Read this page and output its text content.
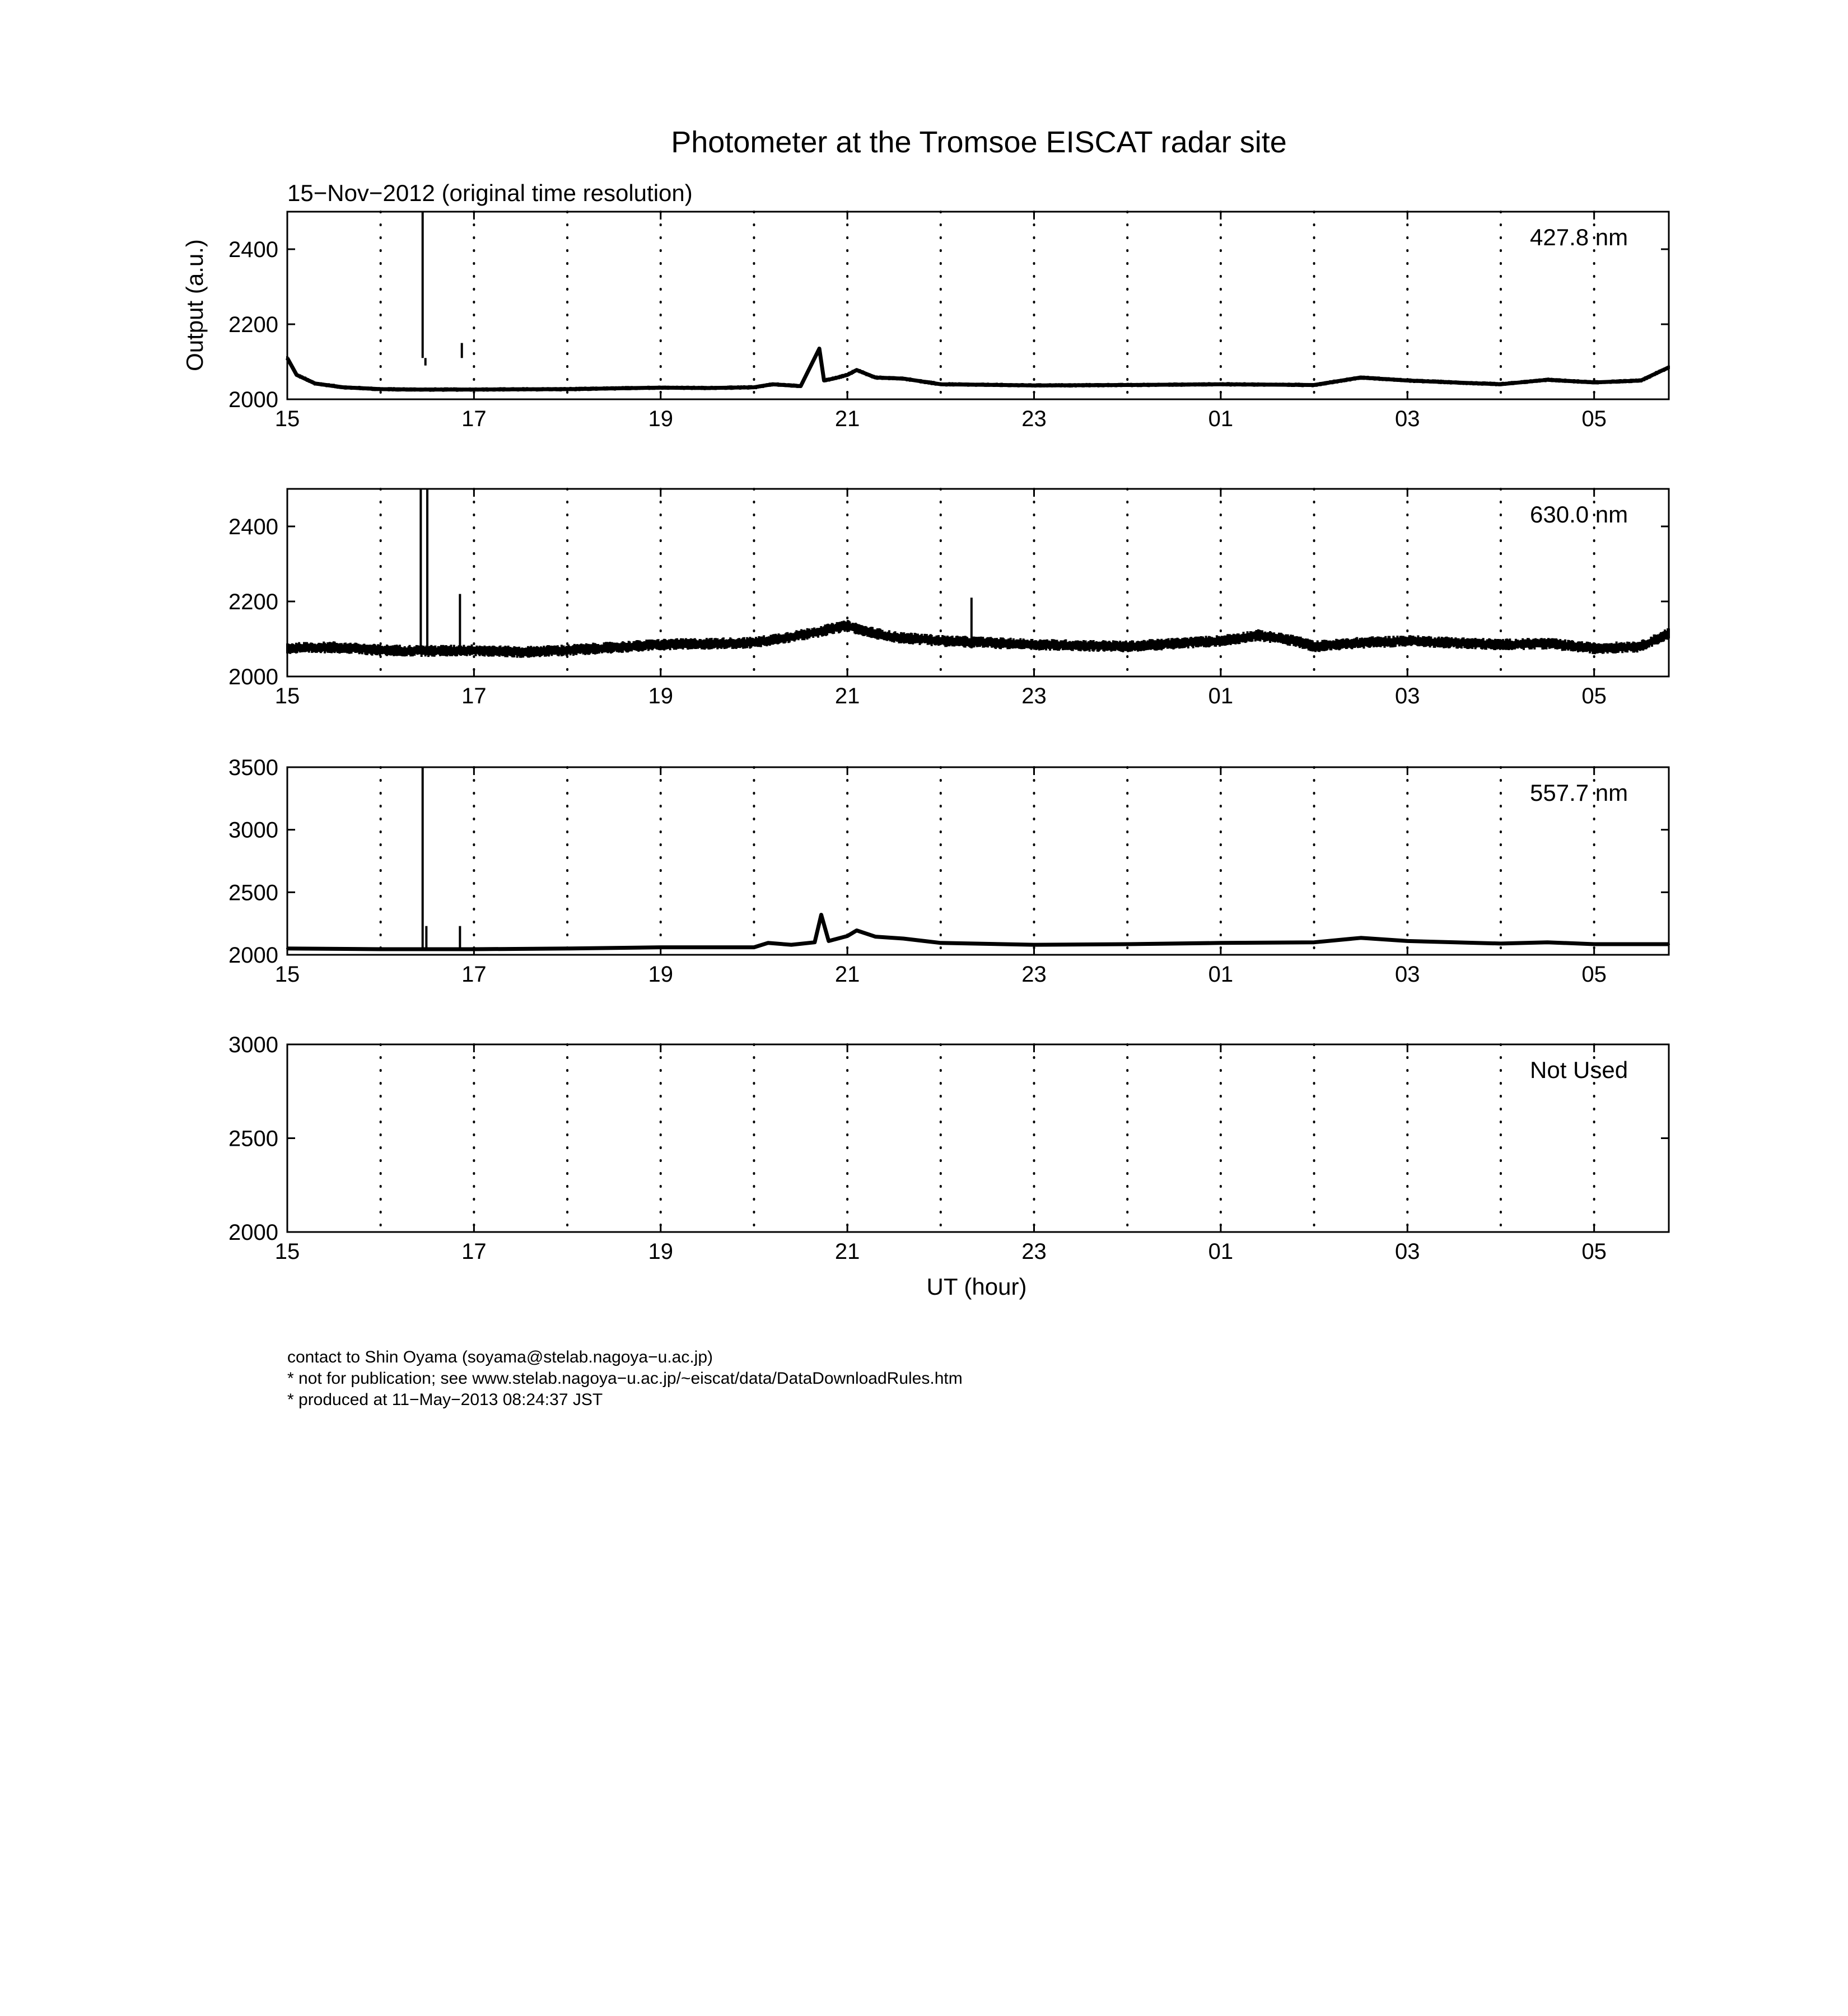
Photometer at the Tromsoe EISCAT radar site
15−Nov−2012 (original time resolution)
Output (a.u.)
UT (hour)
15	17	19	21	23	01	03	05
2000
2200
2400	427.8 nm
15	17	19	21	23	01	03	05
2000
2200
2400	630.0 nm
15	17	19	21	23	01	03	05
2000
2500
3000
3500
557.7 nm
15	17	19	21	23	01	03	05
2000
2500
3000
Not Used
contact to Shin Oyama (soyama@stelab.nagoya−u.ac.jp)
* not for publication; see www.stelab.nagoya−u.ac.jp/~eiscat/data/DataDownloadRules.htm
* produced at 11−May−2013 08:24:37 JST
